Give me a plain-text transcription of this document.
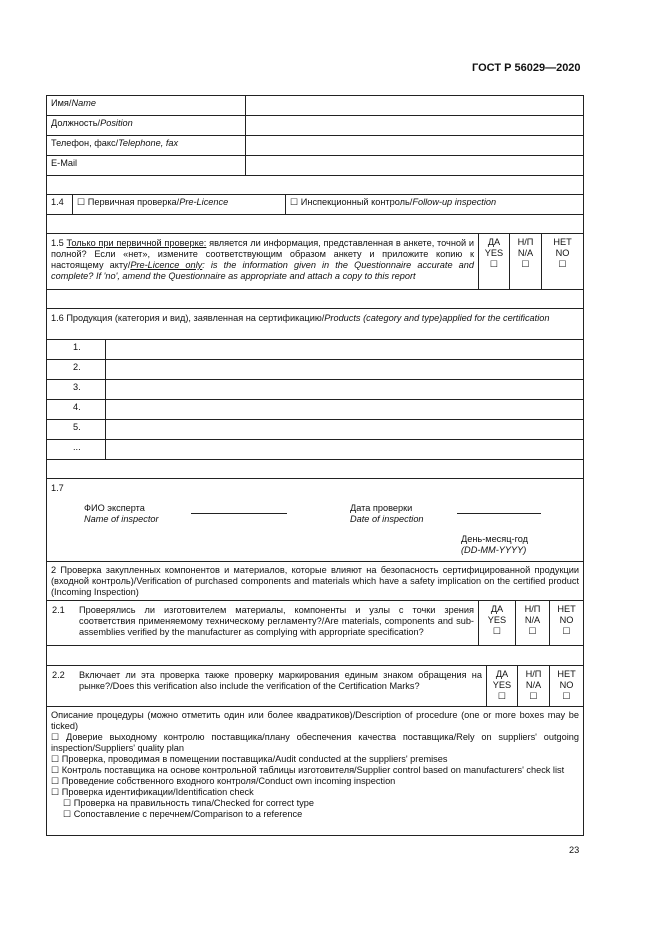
ГОСТ Р 56029—2020
Имя/Name
Должность/Position
Телефон, факс/Telephone, fax
E-Mail
1.4	☐ Первичная проверка/Pre-Licence	☐ Инспекционный контроль/Follow-up inspection
1.5 Только при первичной проверке: является ли информация, представленная в анкете, точной и полной? Если «нет», измените соответствующим образом анкету и приложите копию к настоящему акту/Pre-Licence only: is the information given in the Questionnaire accurate and complete? If 'no', amend the Questionnaire as appropriate and attach a copy to this report
ДА
YES
☐
Н/П
N/A
☐
НЕТ
NO
☐
1.6 Продукция (категория и вид), заявленная на сертификацию/Products (category and type)applied for the certification
1.
2.
3.
4.
5.
...
1.7
ФИО эксперта
Name of inspector
Дата проверки
Date of inspection
День-месяц-год
(DD-MM-YYYY)
2 Проверка закупленных компонентов и материалов, которые влияют на безопасность сертифицированной продукции (входной контроль)/Verification of purchased components and materials which have a safety implication on the certified product (Incoming Inspection)
2.1 Проверялись ли изготовителем материалы, компоненты и узлы с точки зрения соответствия применяемому техническому регламенту?/Are materials, components and sub-assemblies verified by the manufacturer as complying with appropriate specification?
ДА
YES
☐
Н/П
N/A
☐
НЕТ
NO
☐
2.2 Включает ли эта проверка также проверку маркирования единым знаком обращения на рынке?/Does this verification also include the verification of the Certification Marks?
ДА
YES
☐
Н/П
N/A
☐
НЕТ
NO
☐
Описание процедуры (можно отметить один или более квадратиков)/Description of procedure (one or more boxes may be ticked)
☐ Доверие выходному контролю поставщика/плану обеспечения качества поставщика/Rely on suppliers' outgoing inspection/Suppliers' quality plan
☐ Проверка, проводимая в помещении поставщика/Audit conducted at the suppliers' premises
☐ Контроль поставщика на основе контрольной таблицы изготовителя/Supplier control based on manufacturers' check list
☐ Проведение собственного входного контроля/Conduct own incoming inspection
☐ Проверка идентификации/Identification check
☐ Проверка на правильность типа/Checked for correct type
☐ Сопоставление с перечнем/Comparison to a reference
23
